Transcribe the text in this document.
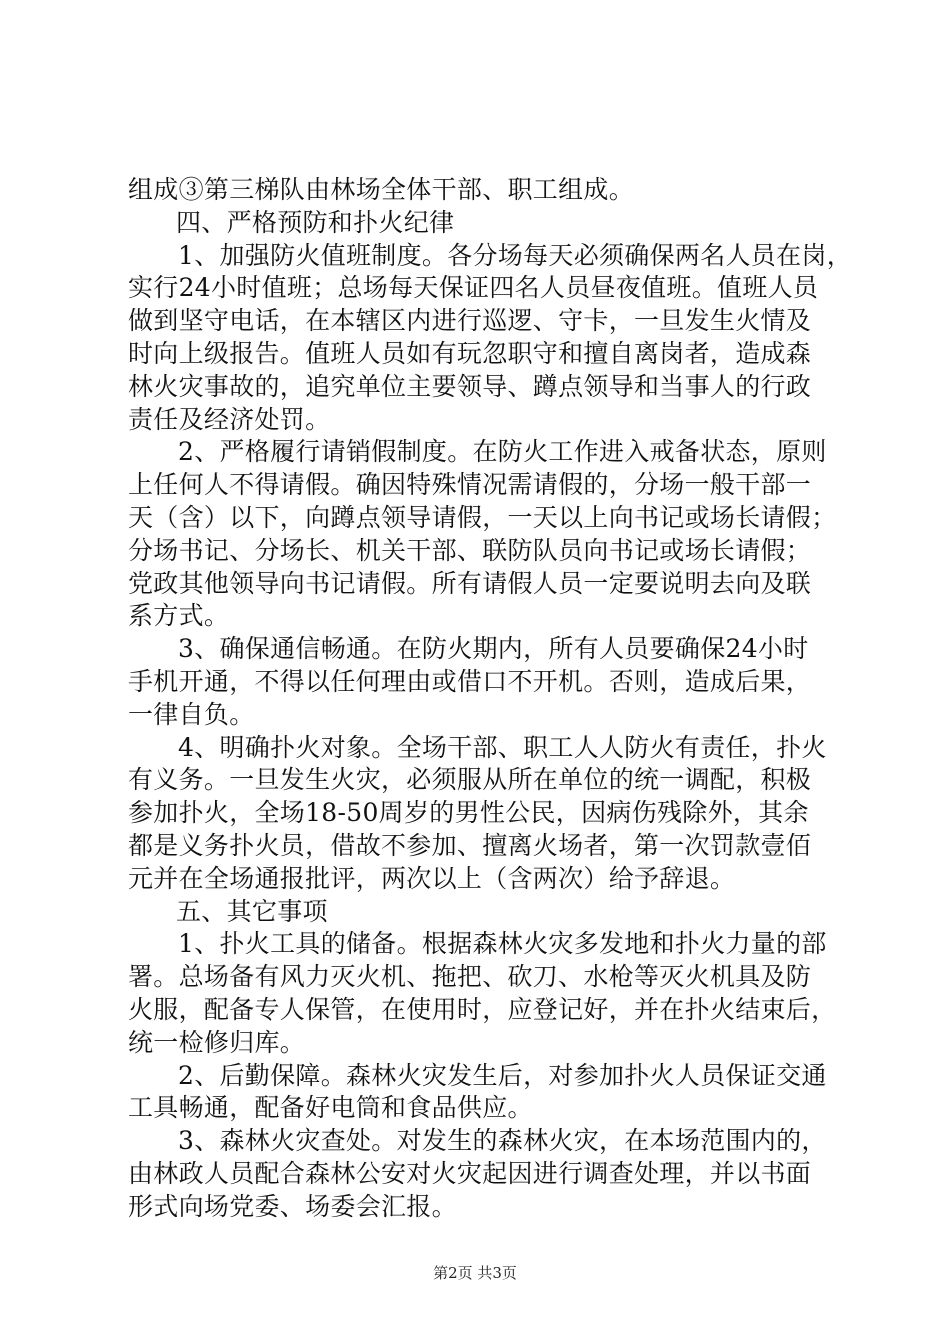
组成③第三梯队由林场全体干部、职工组成。
四、严格预防和扑火纪律
1、加强防火值班制度。各分场每天必须确保两名人员在岗，
实行24小时值班；总场每天保证四名人员昼夜值班。值班人员
做到坚守电话，在本辖区内进行巡逻、守卡，一旦发生火情及
时向上级报告。值班人员如有玩忽职守和擅自离岗者，造成森
林火灾事故的，追究单位主要领导、蹲点领导和当事人的行政
责任及经济处罚。
2、严格履行请销假制度。在防火工作进入戒备状态，原则
上任何人不得请假。确因特殊情况需请假的，分场一般干部一
天（含）以下，向蹲点领导请假，一天以上向书记或场长请假；
分场书记、分场长、机关干部、联防队员向书记或场长请假；
党政其他领导向书记请假。所有请假人员一定要说明去向及联
系方式。
3、确保通信畅通。在防火期内，所有人员要确保24小时
手机开通，不得以任何理由或借口不开机。否则，造成后果，
一律自负。
4、明确扑火对象。全场干部、职工人人防火有责任，扑火
有义务。一旦发生火灾，必须服从所在单位的统一调配，积极
参加扑火，全场18-50周岁的男性公民，因病伤残除外，其余
都是义务扑火员，借故不参加、擅离火场者，第一次罚款壹佰
元并在全场通报批评，两次以上（含两次）给予辞退。
五、其它事项
1、扑火工具的储备。根据森林火灾多发地和扑火力量的部
署。总场备有风力灭火机、拖把、砍刀、水枪等灭火机具及防
火服，配备专人保管，在使用时，应登记好，并在扑火结束后，
统一检修归库。
2、后勤保障。森林火灾发生后，对参加扑火人员保证交通
工具畅通，配备好电筒和食品供应。
3、森林火灾查处。对发生的森林火灾，在本场范围内的，
由林政人员配合森林公安对火灾起因进行调查处理，并以书面
形式向场党委、场委会汇报。
第2页 共3页
